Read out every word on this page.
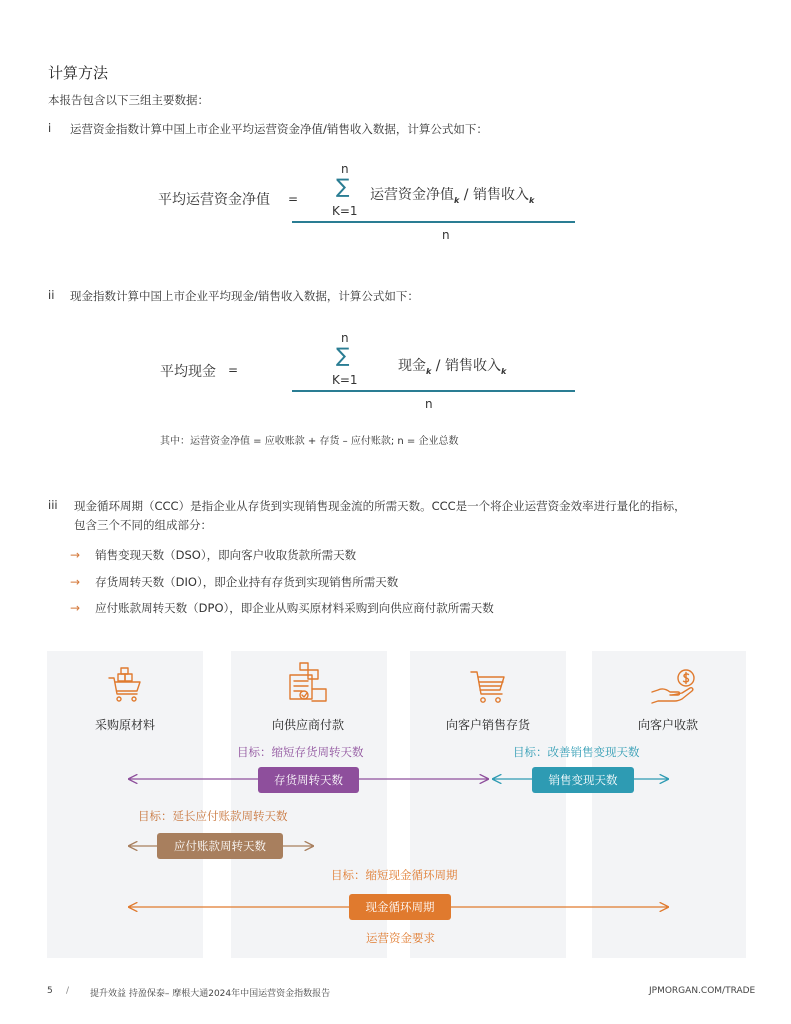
计算方法
本报告包含以下三组主要数据：
i 运营资金指数计算中国上市企业平均运营资金净值/销售收入数据，计算公式如下：
平均运营资金净值 =
n
∑
K=1
运营资金净值$_k$ / 销售收入$_k$
n
ii 现金指数计算中国上市企业平均现金/销售收入数据，计算公式如下：
平均现金 =
n
∑
K=1
现金$_k$ / 销售收入$_k$
n
其中：运营资金净值 = 应收账款 + 存货 – 应付账款; n = 企业总数
iii 现金循环周期（CCC）是指企业从存货到实现销售现金流的所需天数。CCC是一个将企业运营资金效率进行量化的指标，
包含三个不同的组成部分：
→ 销售变现天数（DSO），即向客户收取货款所需天数
→ 存货周转天数（DIO），即企业持有存货到实现销售所需天数
→ 应付账款周转天数（DPO），即企业从购买原材料采购到向供应商付款所需天数
采购原材料	向供应商付款	向客户销售存货	向客户收款
目标：缩短存货周转天数
存货周转天数
目标：改善销售变现天数
销售变现天数
目标：延长应付账款周转天数
应付账款周转天数
目标：缩短现金循环周期
现金循环周期
运营资金要求
5 / 提升效益 持盈保泰– 摩根大通2024年中国运营资金指数报告	JPMORGAN.COM/TRADE
